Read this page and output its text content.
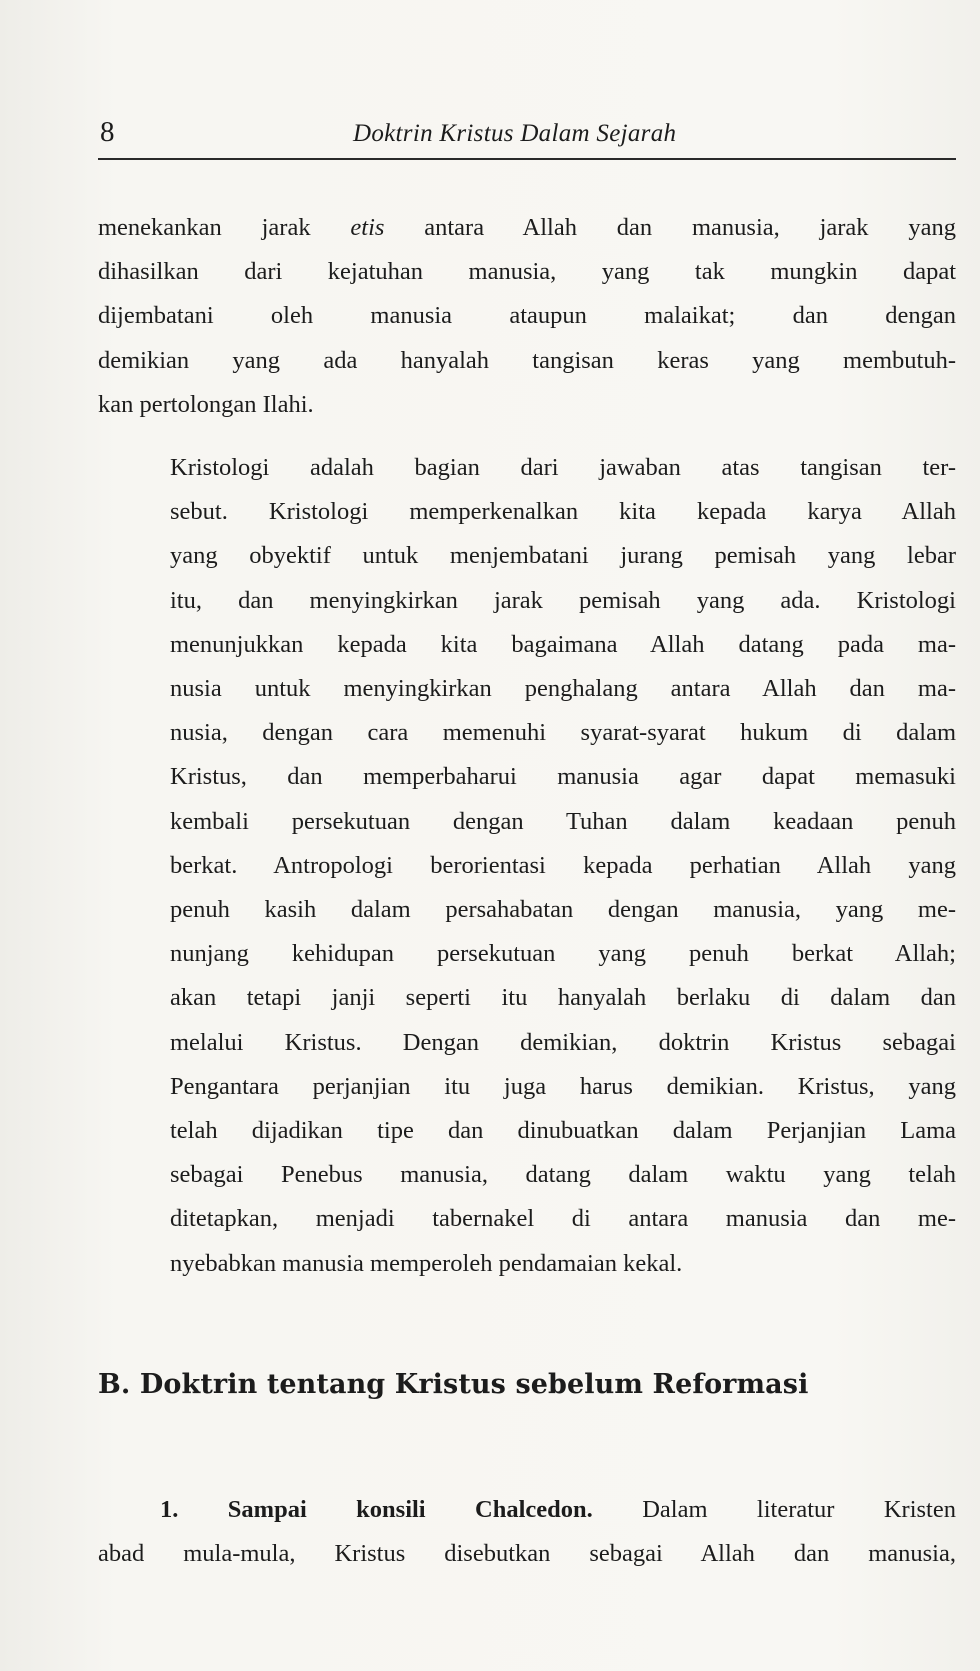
8	Doktrin Kristus Dalam Sejarah

menekankan jarak etis antara Allah dan manusia, jarak yang
dihasilkan dari kejatuhan manusia, yang tak mungkin dapat
dijembatani oleh manusia ataupun malaikat; dan dengan
demikian yang ada hanyalah tangisan keras yang membutuh-
kan pertolongan Ilahi.

Kristologi adalah bagian dari jawaban atas tangisan ter-
sebut. Kristologi memperkenalkan kita kepada karya Allah
yang obyektif untuk menjembatani jurang pemisah yang lebar
itu, dan menyingkirkan jarak pemisah yang ada. Kristologi
menunjukkan kepada kita bagaimana Allah datang pada ma-
nusia untuk menyingkirkan penghalang antara Allah dan ma-
nusia, dengan cara memenuhi syarat-syarat hukum di dalam
Kristus, dan memperbaharui manusia agar dapat memasuki
kembali persekutuan dengan Tuhan dalam keadaan penuh
berkat. Antropologi berorientasi kepada perhatian Allah yang
penuh kasih dalam persahabatan dengan manusia, yang me-
nunjang kehidupan persekutuan yang penuh berkat Allah;
akan tetapi janji seperti itu hanyalah berlaku di dalam dan
melalui Kristus. Dengan demikian, doktrin Kristus sebagai
Pengantara perjanjian itu juga harus demikian. Kristus, yang
telah dijadikan tipe dan dinubuatkan dalam Perjanjian Lama
sebagai Penebus manusia, datang dalam waktu yang telah
ditetapkan, menjadi tabernakel di antara manusia dan me-
nyebabkan manusia memperoleh pendamaian kekal.

B. Doktrin tentang Kristus sebelum Reformasi

1. Sampai konsili Chalcedon. Dalam literatur Kristen
abad mula-mula, Kristus disebutkan sebagai Allah dan manusia,
